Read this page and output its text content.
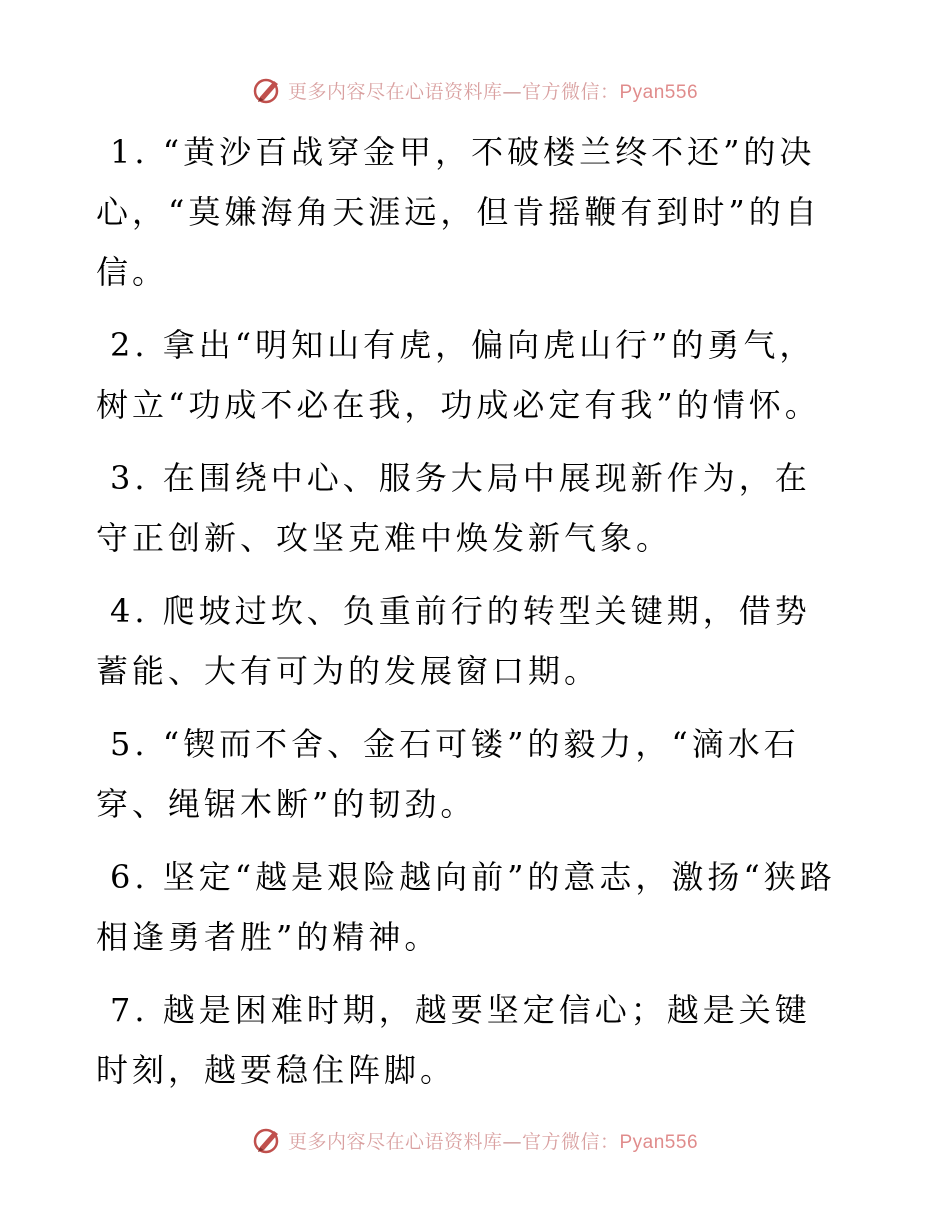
更多内容尽在心语资料库—官方微信：Pyan556

1. “黄沙百战穿金甲，不破楼兰终不还”的决心，“莫嫌海角天涯远，但肯摇鞭有到时”的自信。

2. 拿出“明知山有虎，偏向虎山行”的勇气，树立“功成不必在我，功成必定有我”的情怀。

3. 在围绕中心、服务大局中展现新作为，在守正创新、攻坚克难中焕发新气象。

4. 爬坡过坎、负重前行的转型关键期，借势蓄能、大有可为的发展窗口期。

5. “锲而不舍、金石可镂”的毅力，“滴水石穿、绳锯木断”的韧劲。

6. 坚定“越是艰险越向前”的意志，激扬“狭路相逢勇者胜”的精神。

7. 越是困难时期，越要坚定信心；越是关键时刻，越要稳住阵脚。

更多内容尽在心语资料库—官方微信：Pyan556
